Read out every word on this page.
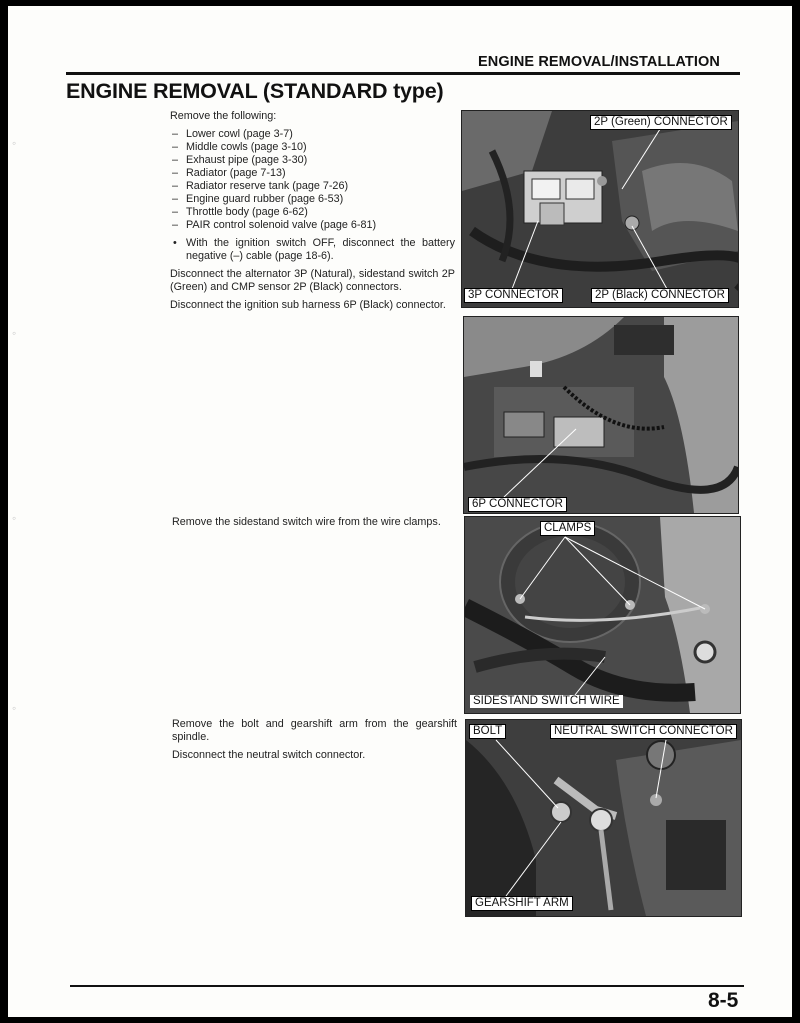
ENGINE REMOVAL/INSTALLATION
ENGINE REMOVAL (STANDARD type)
◦
◦
◦
◦

Remove the following:

– Lower cowl (page 3-7)
– Middle cowls (page 3-10)
– Exhaust pipe (page 3-30)
– Radiator (page 7-13)
– Radiator reserve tank (page 7-26)
– Engine guard rubber (page 6-53)
– Throttle body (page 6-62)
– PAIR control solenoid valve (page 6-81)
• With the ignition switch OFF, disconnect the battery negative (–) cable (page 18-6).

Disconnect the alternator 3P (Natural), sidestand switch 2P (Green) and CMP sensor 2P (Black) connectors.

Disconnect the ignition sub harness 6P (Black) connector.

Remove the sidestand switch wire from the wire clamps.

Remove the bolt and gearshift arm from the gearshift spindle.

Disconnect the neutral switch connector.

2P (Green) CONNECTOR
3P CONNECTOR	2P (Black) CONNECTOR
6P CONNECTOR
CLAMPS
SIDESTAND SWITCH WIRE
BOLT	NEUTRAL SWITCH CONNECTOR
GEARSHIFT ARM
8-5
